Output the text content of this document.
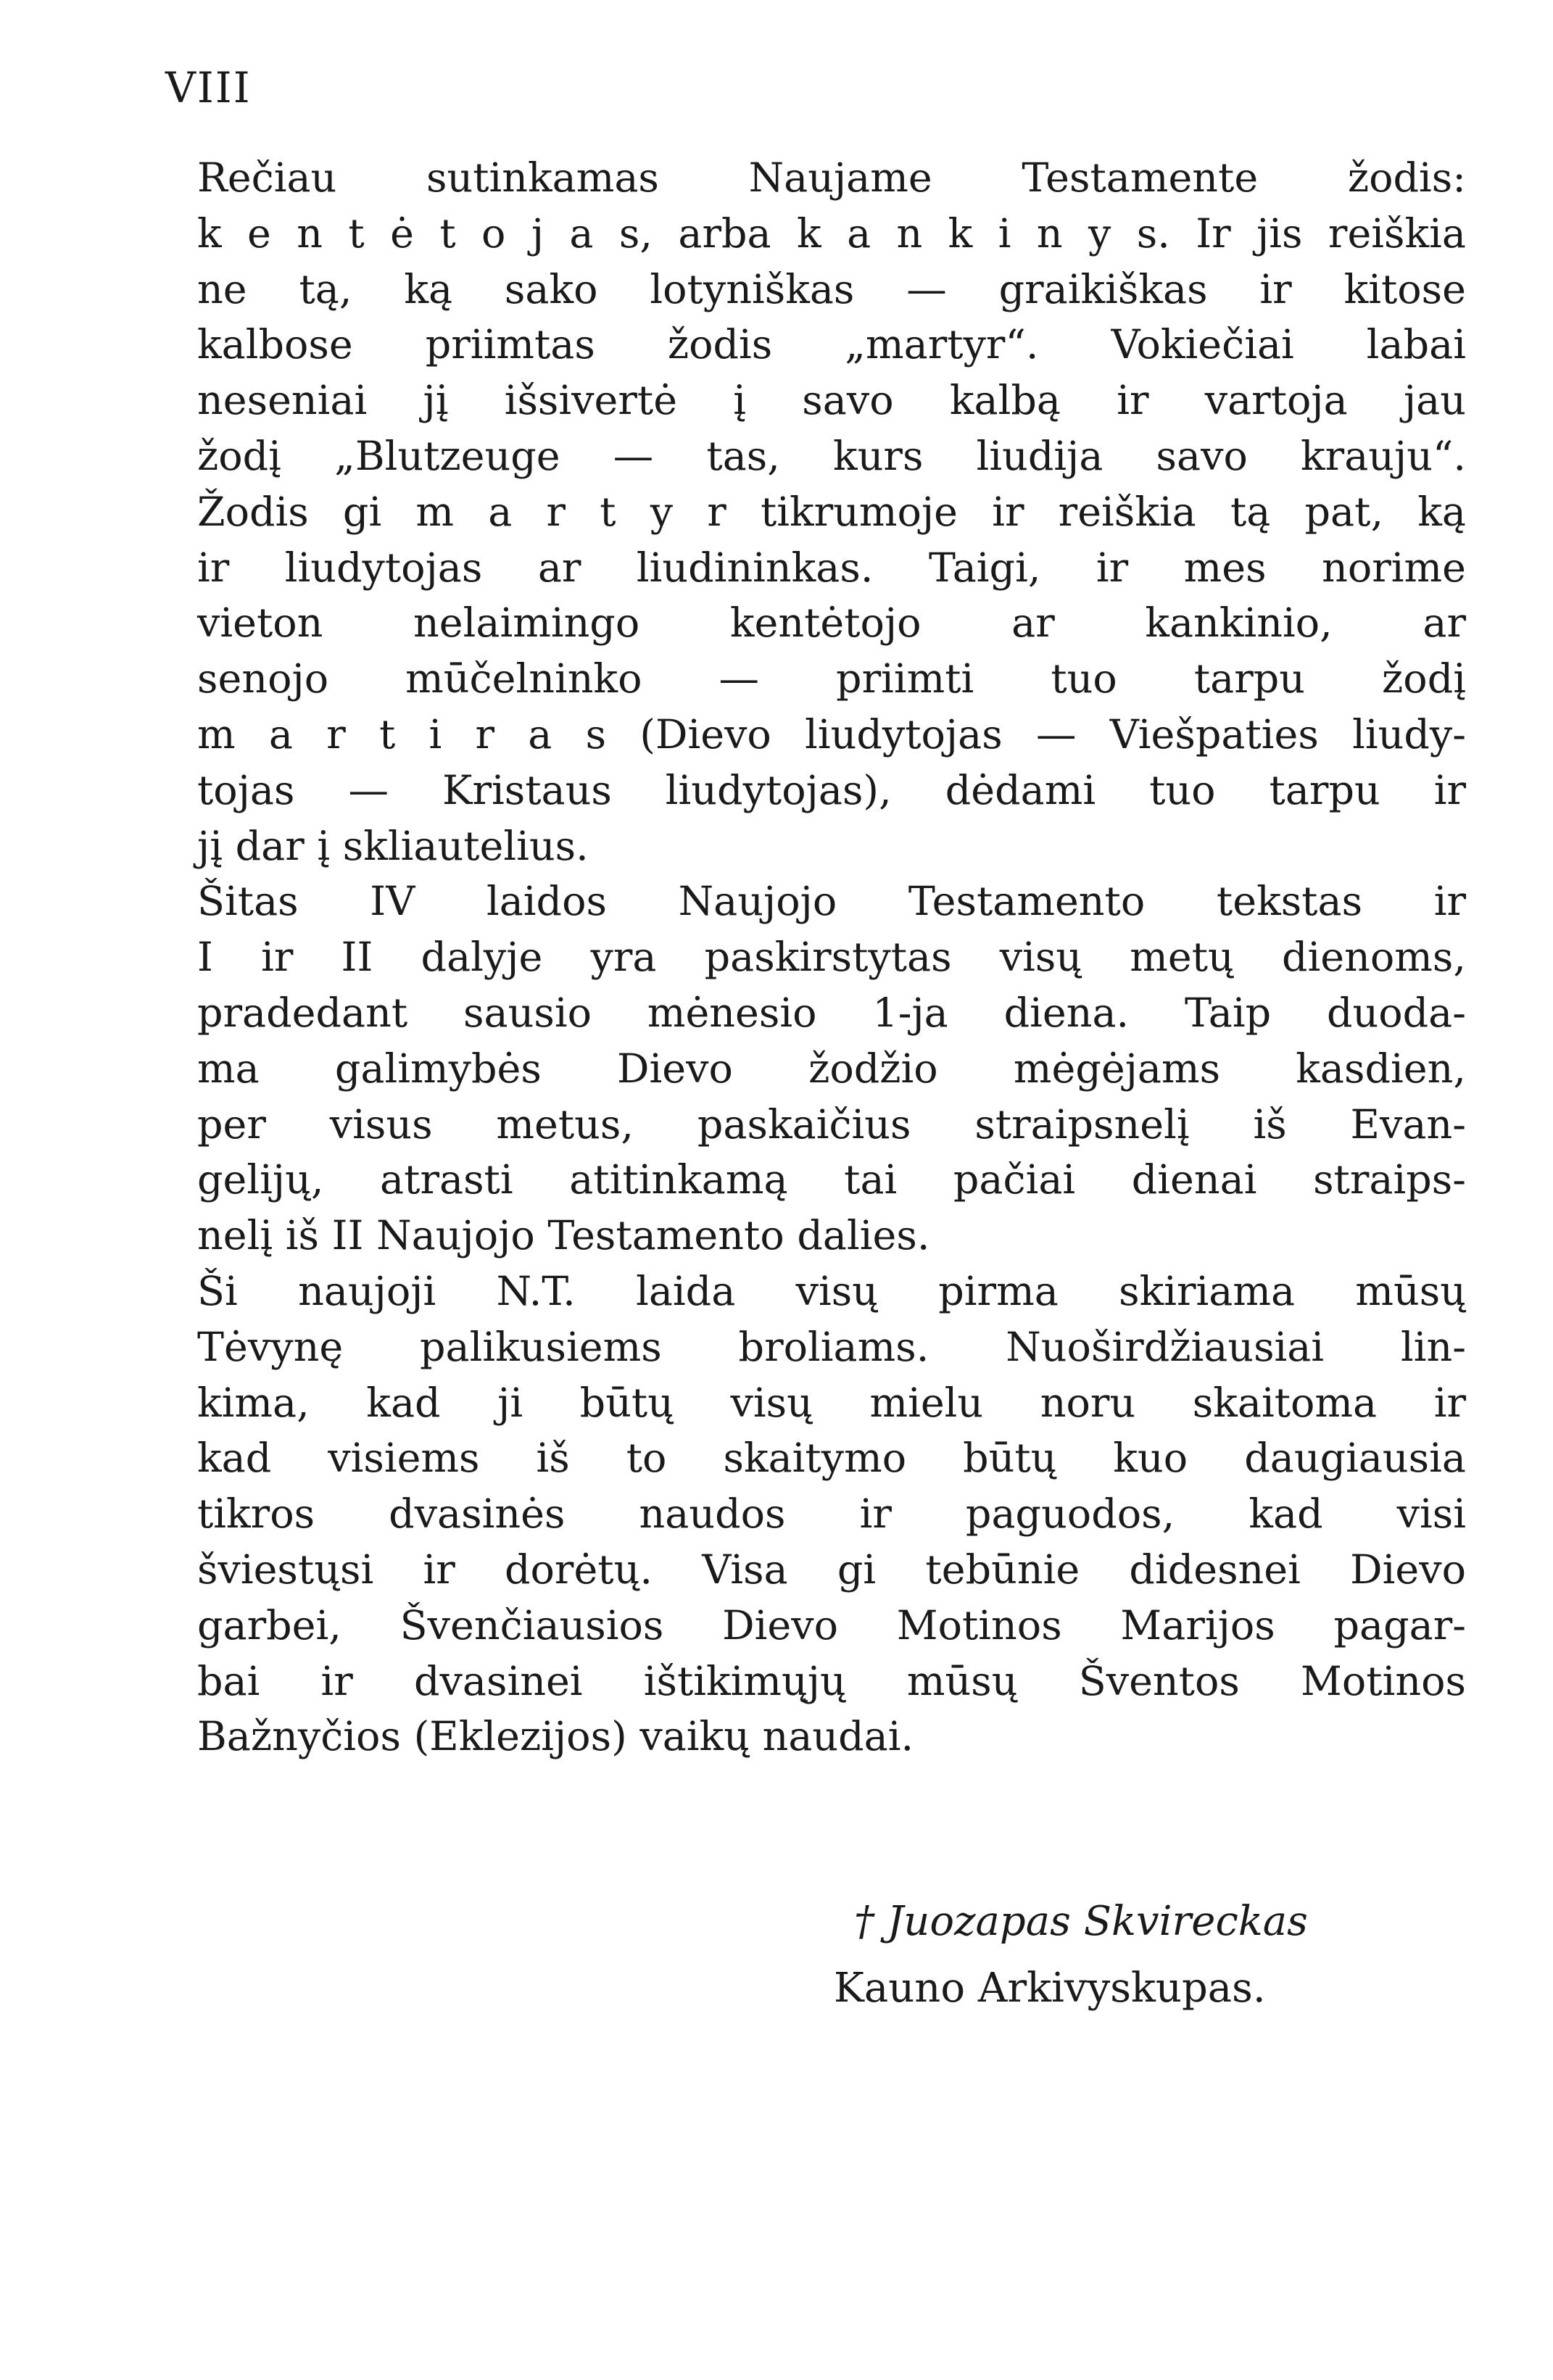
VIII
Rečiau sutinkamas Naujame Testamente žodis:
k e n t ė t o j a s, arba k a n k i n y s. Ir jis reiškia
ne tą, ką sako lotyniškas — graikiškas ir kitose
kalbose priimtas žodis „martyr“. Vokiečiai labai
neseniai jį išsivertė į savo kalbą ir vartoja jau
žodį „Blutzeuge — tas, kurs liudija savo krauju“.
Žodis gi m a r t y r tikrumoje ir reiškia tą pat, ką
ir liudytojas ar liudininkas. Taigi, ir mes norime
vieton nelaimingo kentėtojo ar kankinio, ar
senojo mūčelninko — priimti tuo tarpu žodį
m a r t i r a s (Dievo liudytojas — Viešpaties liudy-
tojas — Kristaus liudytojas), dėdami tuo tarpu ir
jį dar į skliautelius.
Šitas IV laidos Naujojo Testamento tekstas ir
I ir II dalyje yra paskirstytas visų metų dienoms,
pradedant sausio mėnesio 1-ja diena. Taip duoda-
ma galimybės Dievo žodžio mėgėjams kasdien,
per visus metus, paskaičius straipsnelį iš Evan-
gelijų, atrasti atitinkamą tai pačiai dienai straips-
nelį iš II Naujojo Testamento dalies.
Ši naujoji N.T. laida visų pirma skiriama mūsų
Tėvynę palikusiems broliams. Nuoširdžiausiai lin-
kima, kad ji būtų visų mielu noru skaitoma ir
kad visiems iš to skaitymo būtų kuo daugiausia
tikros dvasinės naudos ir paguodos, kad visi
šviestųsi ir dorėtų. Visa gi tebūnie didesnei Dievo
garbei, Švenčiausios Dievo Motinos Marijos pagar-
bai ir dvasinei ištikimųjų mūsų Šventos Motinos
Bažnyčios (Eklezijos) vaikų naudai.
† Juozapas Skvireckas
Kauno Arkivyskupas.
